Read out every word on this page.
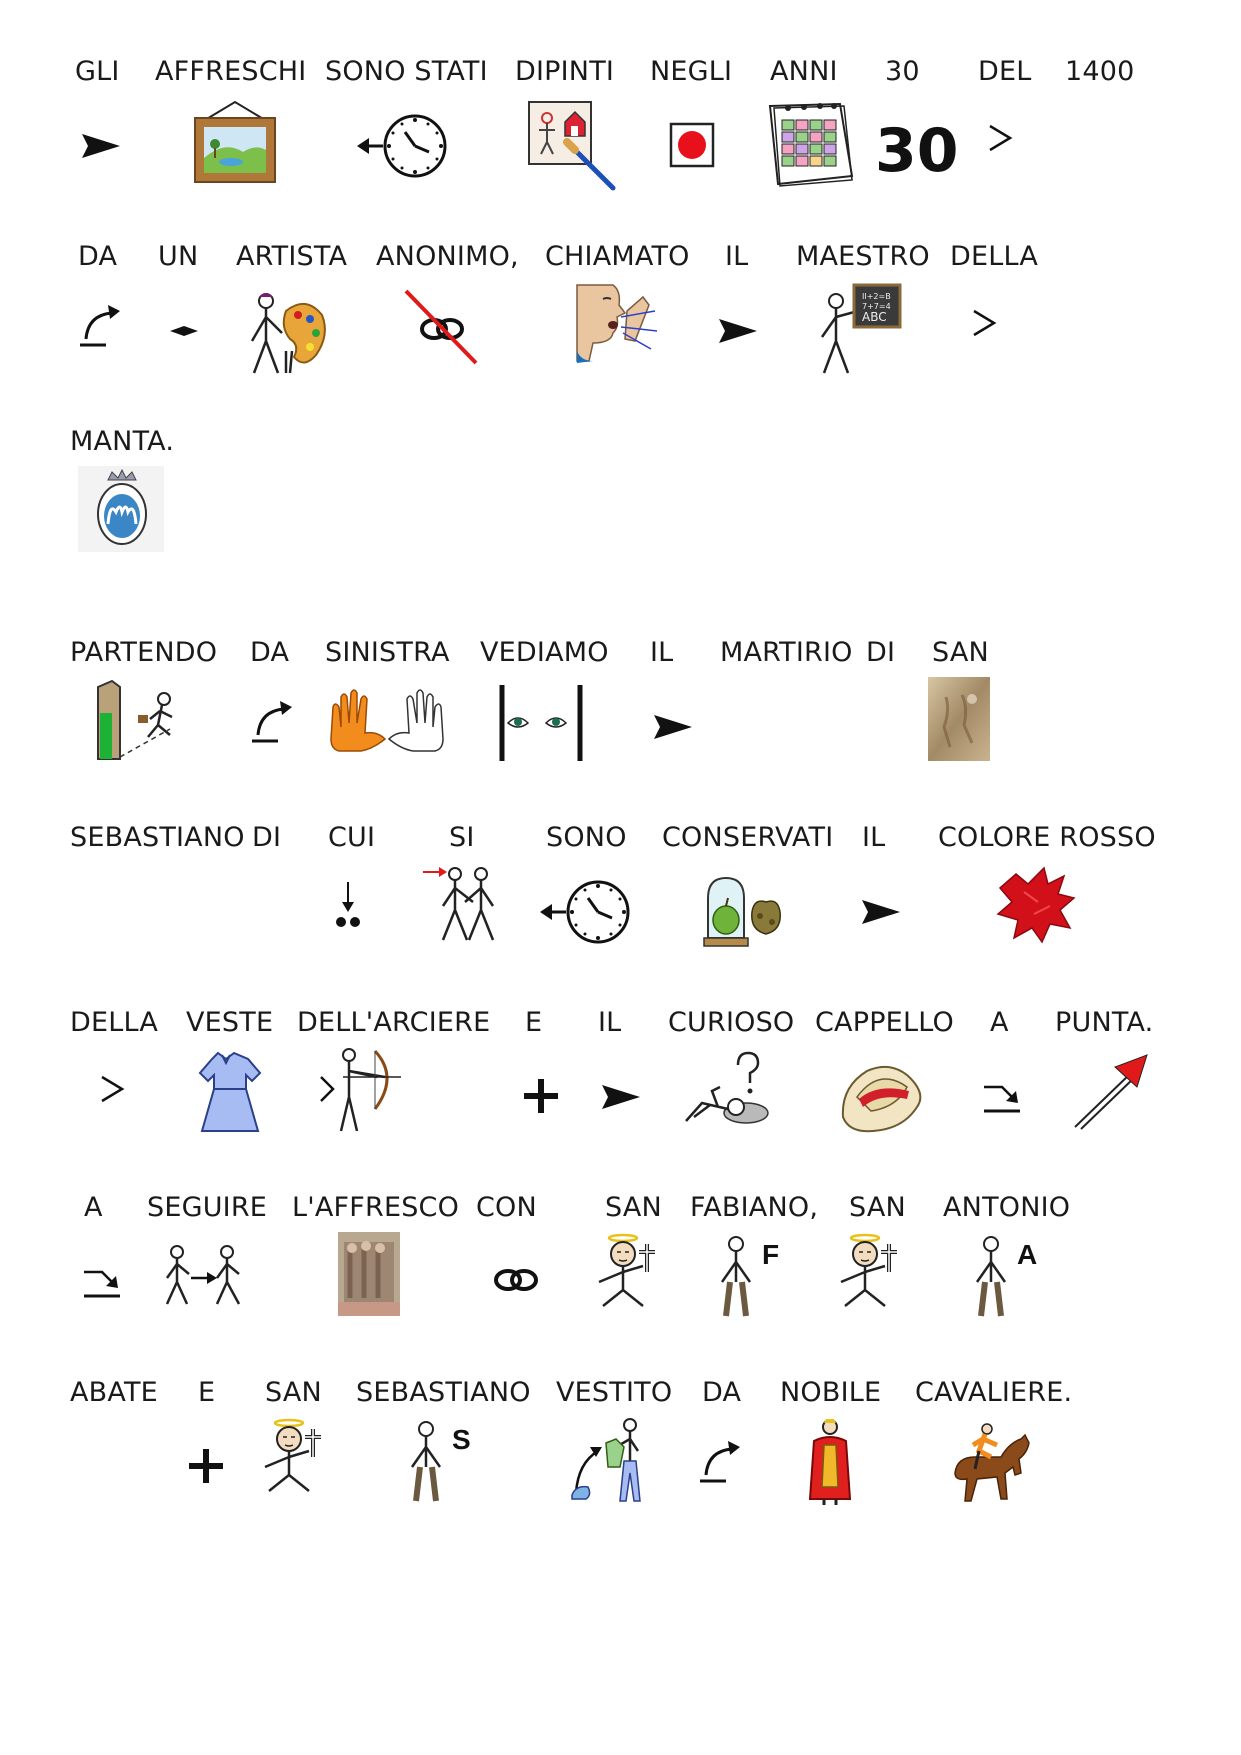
GLI AFFRESCHI SONO STATI DIPINTI NEGLI ANNI 30
30
DEL 1400
DA UN ARTISTA ANONIMO, CHIAMATO IL MAESTRO
II+2=B
7+7=4
ABC
DELLA
MANTA.
PARTENDO DA SINISTRA VEDIAMO IL MARTIRIO DI SAN
SEBASTIANO DI CUI	SI	SONO CONSERVATI IL COLORE ROSSO
DELLA VESTE DELL'ARCIERE E IL CURIOSO CAPPELLO A PUNTA.
A SEGUIRE L'AFFRESCO CON	SAN FABIANO,
F
SAN ANTONIO
A
ABATE E SAN SEBASTIANO
S
VESTITO DA NOBILE CAVALIERE.
